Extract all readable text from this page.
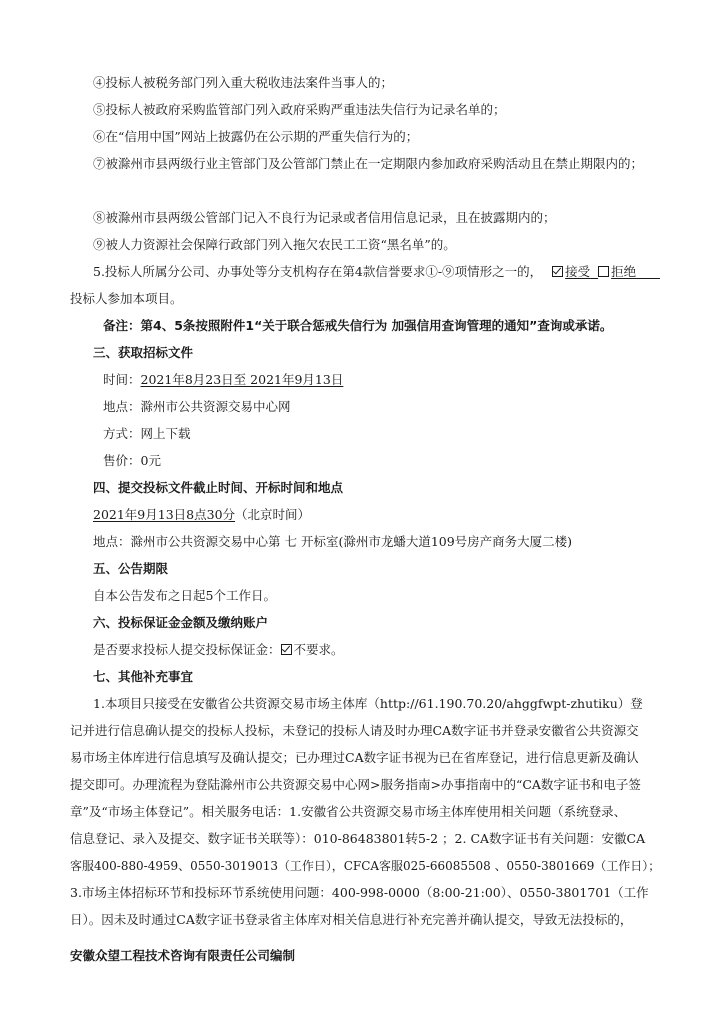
④投标人被税务部门列入重大税收违法案件当事人的；
⑤投标人被政府采购监管部门列入政府采购严重违法失信行为记录名单的；
⑥在“信用中国”网站上披露仍在公示期的严重失信行为的；
⑦被滁州市县两级行业主管部门及公管部门禁止在一定期限内参加政府采购活动且在禁止期限内的；
⑧被滁州市县两级公管部门记入不良行为记录或者信用信息记录，且在披露期内的；
⑨被人力资源社会保障行政部门列入拖欠农民工工资“黑名单”的。
5.投标人所属分公司、办事处等分支机构存在第4款信誉要求①-⑨项情形之一的， 接受 拒绝
投标人参加本项目。
备注：第4、5条按照附件1“关于联合惩戒失信行为 加强信用查询管理的通知”查询或承诺。
三、获取招标文件
时间：2021年8月23日至 2021年9月13日
地点：滁州市公共资源交易中心网
方式：网上下载
售价：0元
四、提交投标文件截止时间、开标时间和地点
2021年9月13日8点30分（北京时间）
地点：滁州市公共资源交易中心第 七 开标室(滁州市龙蟠大道109号房产商务大厦二楼)
五、公告期限
自本公告发布之日起5个工作日。
六、投标保证金金额及缴纳账户
是否要求投标人提交投标保证金： 不要求。
七、其他补充事宜
1.本项目只接受在安徽省公共资源交易市场主体库（http://61.190.70.20/ahggfwpt-zhutiku）登
记并进行信息确认提交的投标人投标，未登记的投标人请及时办理CA数字证书并登录安徽省公共资源交
易市场主体库进行信息填写及确认提交；已办理过CA数字证书视为已在省库登记，进行信息更新及确认
提交即可。办理流程为登陆滁州市公共资源交易中心网>服务指南>办事指南中的“CA数字证书和电子签
章”及“市场主体登记”。相关服务电话：1.安徽省公共资源交易市场主体库使用相关问题（系统登录、
信息登记、录入及提交、数字证书关联等）：010-86483801转5-2 ；2. CA数字证书有关问题：安徽CA
客服400-880-4959、0550-3019013（工作日），CFCA客服025-66085508 、0550-3801669（工作日）；
3.市场主体招标环节和投标环节系统使用问题：400-998-0000（8:00-21:00）、0550-3801701（工作
日）。因未及时通过CA数字证书登录省主体库对相关信息进行补充完善并确认提交，导致无法投标的，
安徽众望工程技术咨询有限责任公司编制
